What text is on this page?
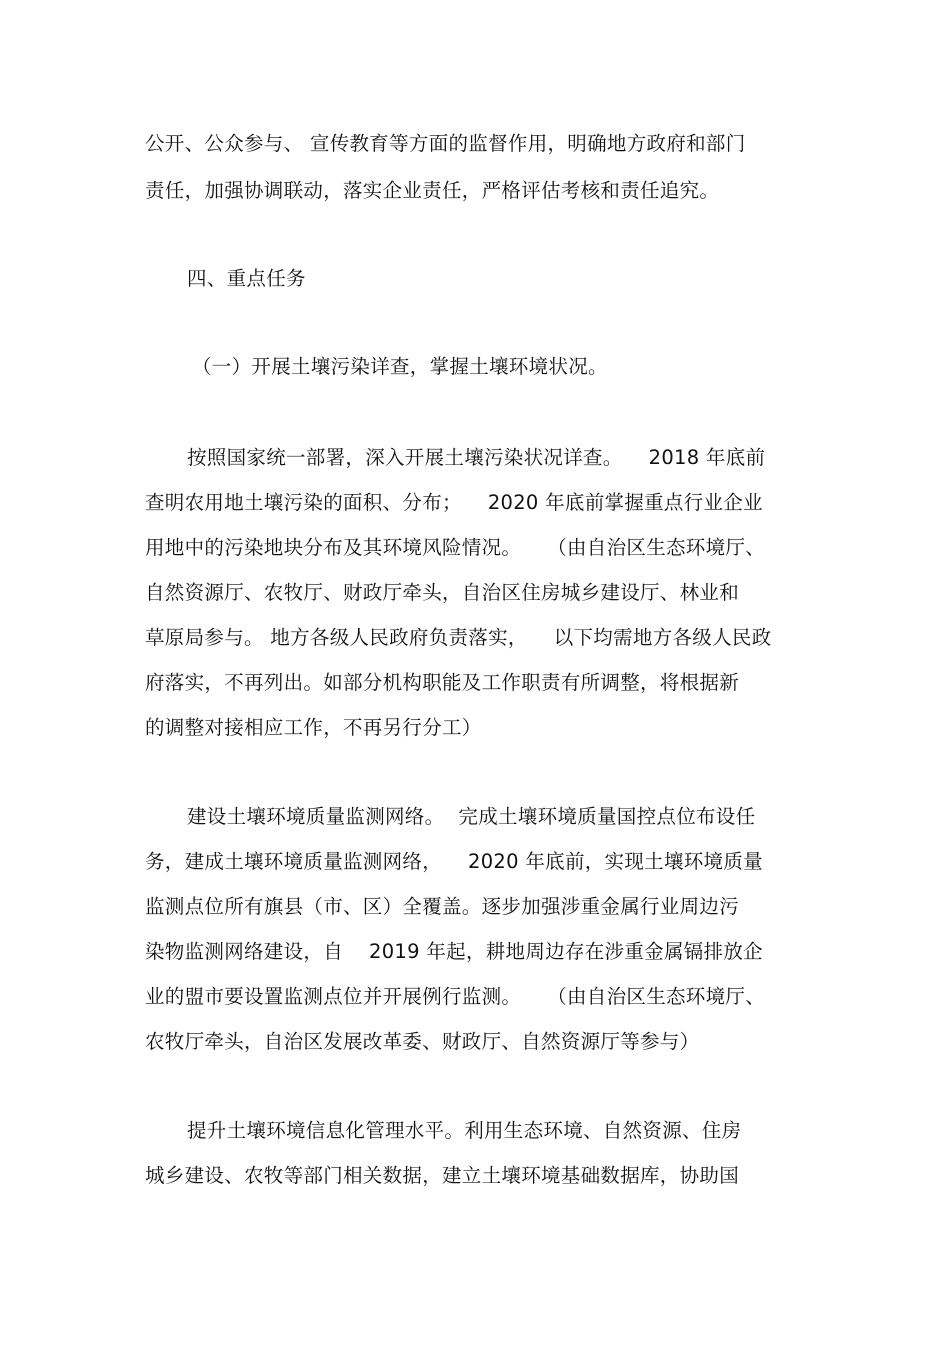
公开、公众参与、 宣传教育等方面的监督作用，明确地方政府和部门

责任，加强协调联动，落实企业责任，严格评估考核和责任追究。

四、重点任务

（一）开展土壤污染详查，掌握土壤环境状况。

按照国家统一部署，深入开展土壤污染状况详查。 2018 年底前

查明农用地土壤污染的面积、分布； 2020 年底前掌握重点行业企业

用地中的污染地块分布及其环境风险情况。 （由自治区生态环境厅、

自然资源厅、农牧厅、财政厅牵头，自治区住房城乡建设厅、林业和

草原局参与。 地方各级人民政府负责落实， 以下均需地方各级人民政

府落实，不再列出。如部分机构职能及工作职责有所调整，将根据新

的调整对接相应工作，不再另行分工）

建设土壤环境质量监测网络。 完成土壤环境质量国控点位布设任

务，建成土壤环境质量监测网络， 2020 年底前，实现土壤环境质量

监测点位所有旗县（市、区）全覆盖。逐步加强涉重金属行业周边污

染物监测网络建设，自 2019 年起，耕地周边存在涉重金属镉排放企

业的盟市要设置监测点位并开展例行监测。 （由自治区生态环境厅、

农牧厅牵头，自治区发展改革委、财政厅、自然资源厅等参与）

提升土壤环境信息化管理水平。利用生态环境、自然资源、住房

城乡建设、农牧等部门相关数据，建立土壤环境基础数据库，协助国
